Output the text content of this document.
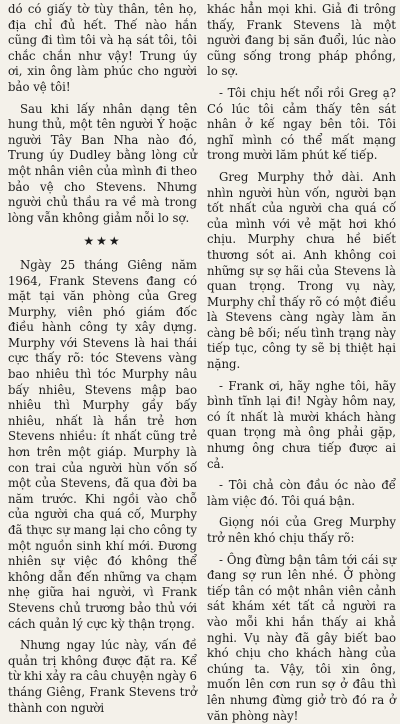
dó có giấy tờ tùy thân, tên họ, địa chỉ đủ hết. Thế nào hắn cũng đi tìm tôi và hạ sát tôi, tôi chắc chắn như vậy! Trung úy ơi, xin ông làm phúc cho người bảo vệ tôi!

Sau khi lấy nhân dạng tên hung thủ, một tên người Ý hoặc người Tây Ban Nha nào đó, Trung úy Dudley bằng lòng cử một nhân viên của mình đi theo bảo vệ cho Stevens. Nhưng người chủ thầu ra về mà trong lòng vẫn không giảm nỗi lo sợ.

★★★

Ngày 25 tháng Giêng năm 1964, Frank Stevens đang có mặt tại văn phòng của Greg Murphy, viên phó giám đốc điều hành công ty xây dựng. Murphy với Stevens là hai thái cực thấy rõ: tóc Stevens vàng bao nhiêu thì tóc Murphy nâu bấy nhiêu, Stevens mập bao nhiêu thì Murphy gầy bấy nhiêu, nhất là hắn trẻ hơn Stevens nhiều: ít nhất cũng trẻ hơn trên một giáp. Murphy là con trai của người hùn vốn số một của Stevens, đã qua đời ba năm trước. Khi ngồi vào chỗ của người cha quá cố, Murphy đã thực sự mang lại cho công ty một nguồn sinh khí mới. Đương nhiên sự việc đó không thể không dẫn đến những va chạm nhẹ giữa hai người, vì Frank Stevens chủ trương bảo thủ với cách quản lý cực kỳ thận trọng.

Nhưng ngay lúc này, vấn đề quản trị không được đặt ra. Kể từ khi xảy ra câu chuyện ngày 6 tháng Giêng, Frank Stevens trở thành con người

khác hẳn mọi khi. Giả đi trông thấy, Frank Stevens là một người đang bị săn đuổi, lúc nào cũng sống trong pháp phồng, lo sợ.

- Tôi chịu hết nổi rồi Greg ạ? Có lúc tôi cảm thấy tên sát nhân ở kế ngay bên tôi. Tôi nghĩ mình có thể mất mạng trong mười lăm phút kế tiếp.

Greg Murphy thở dài. Anh nhìn người hùn vốn, người bạn tốt nhất của người cha quá cố của mình với vẻ mặt hơi khó chịu. Murphy chưa hề biết thương sót ai. Anh không coi những sự sợ hãi của Stevens là quan trọng. Trong vụ này, Murphy chỉ thấy rõ có một điều là Stevens càng ngày làm ăn càng bê bối; nếu tình trạng này tiếp tục, công ty sẽ bị thiệt hại nặng.

- Frank ơi, hãy nghe tôi, hãy bình tĩnh lại đi! Ngày hôm nay, có ít nhất là mười khách hàng quan trọng mà ông phải gặp, nhưng ông chưa tiếp được ai cả.

- Tôi chả còn đầu óc nào để làm việc đó. Tôi quá bận.

Giọng nói của Greg Murphy trở nên khó chịu thấy rõ:

- Ông đừng bận tâm tới cái sự đang sợ run lên nhé. Ở phòng tiếp tân có một nhân viên cảnh sát khám xét tất cả người ra vào mỗi khi hắn thấy ai khả nghi. Vụ này đã gây biết bao khó chịu cho khách hàng của chúng ta. Vậy, tôi xin ông, muốn lên cơn run sợ ở đâu thì lên nhưng đừng giở trò đó ra ở văn phòng này!
